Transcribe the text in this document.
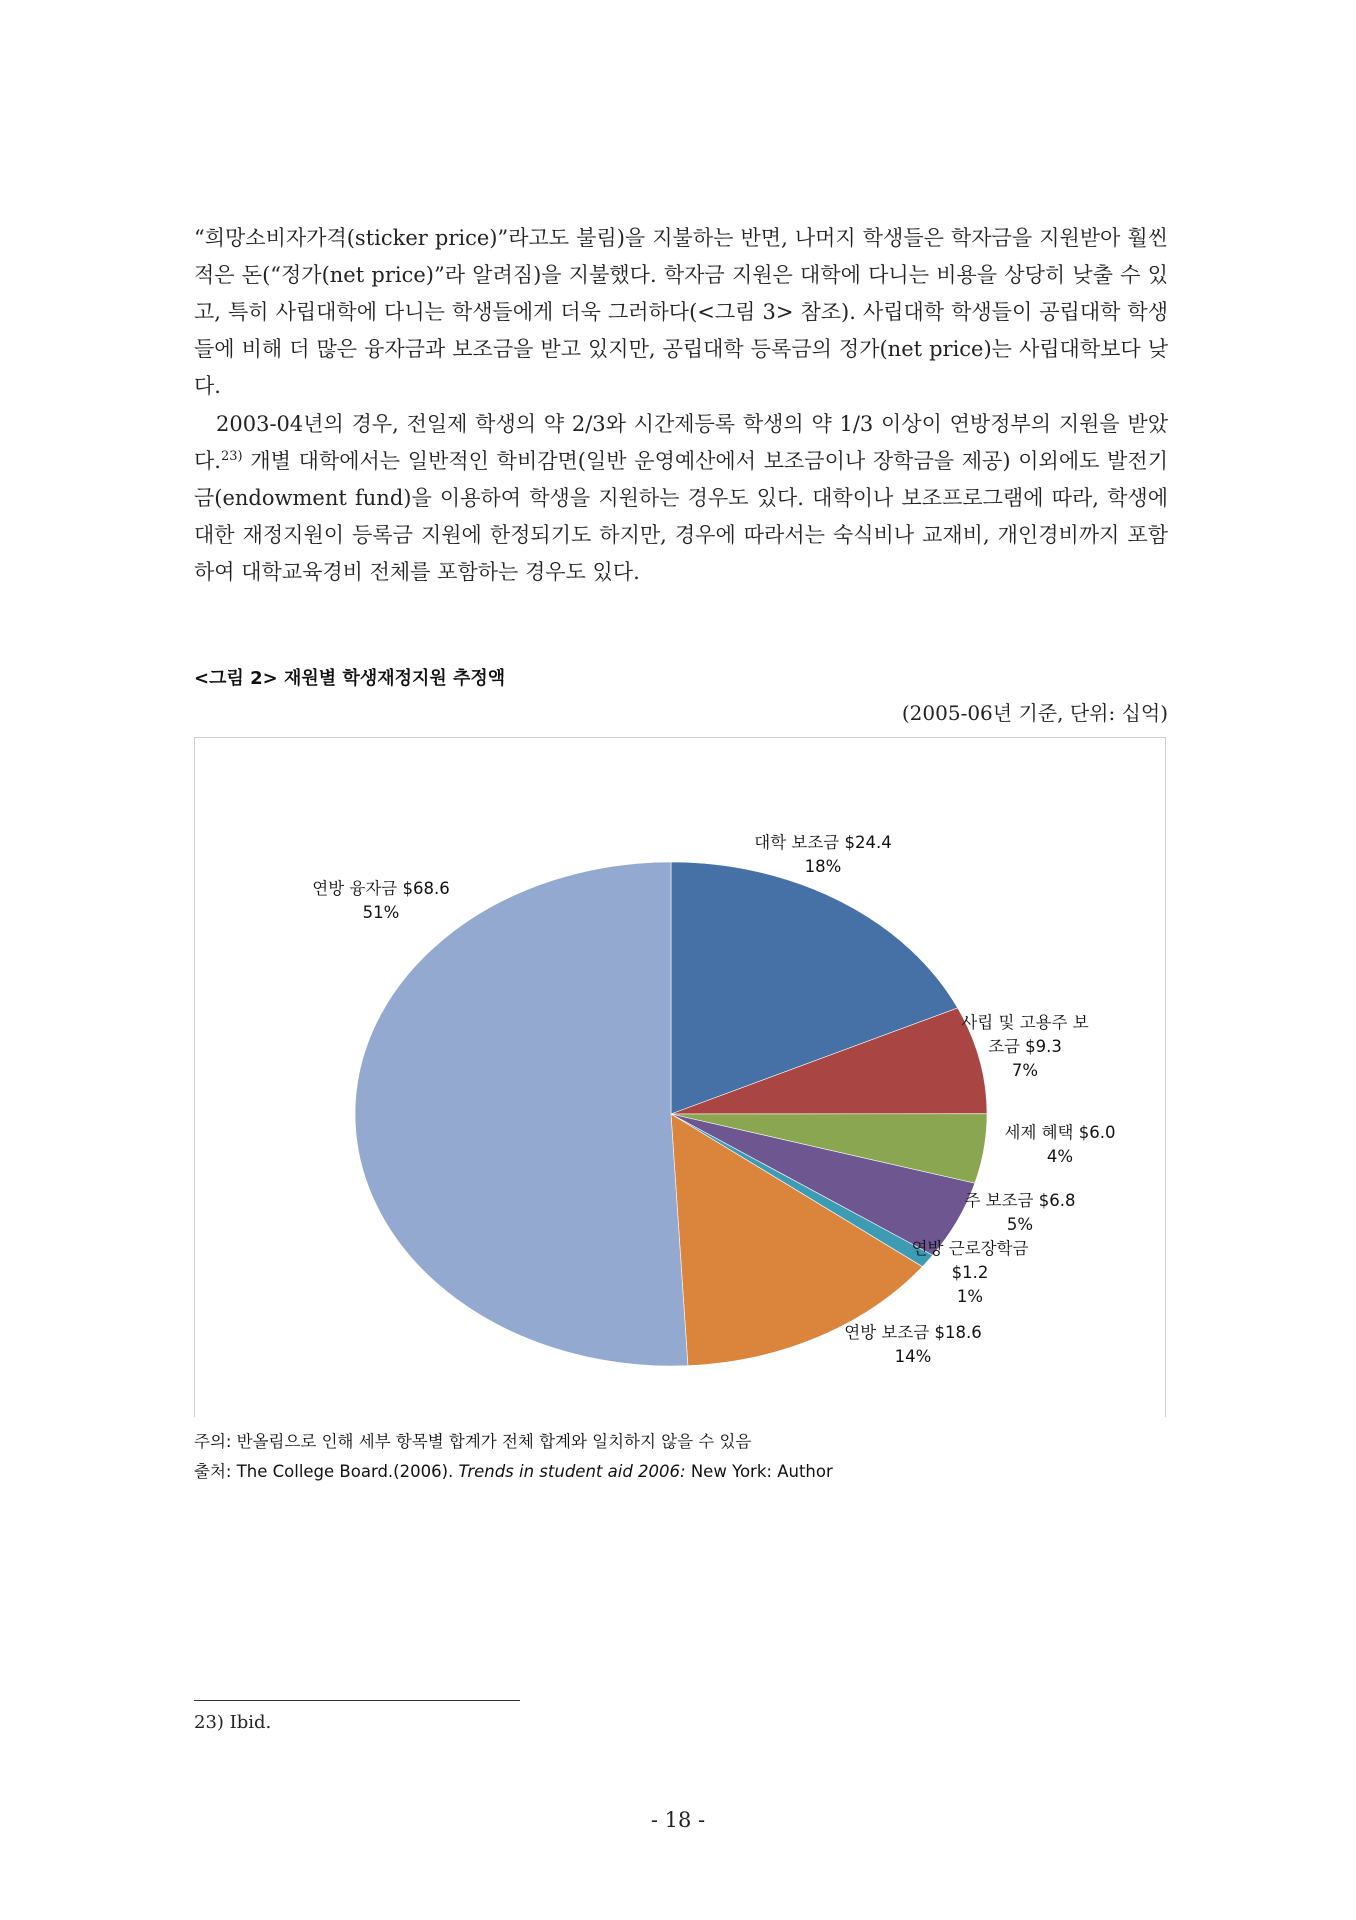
“희망소비자가격(sticker price)”라고도 불림)을 지불하는 반면, 나머지 학생들은 학자금을 지원받아 훨씬 적은 돈(“정가(net price)”라 알려짐)을 지불했다. 학자금 지원은 대학에 다니는 비용을 상당히 낮출 수 있고, 특히 사립대학에 다니는 학생들에게 더욱 그러하다(<그림 3> 참조). 사립대학 학생들이 공립대학 학생들에 비해 더 많은 융자금과 보조금을 받고 있지만, 공립대학 등록금의 정가(net price)는 사립대학보다 낮다.
2003-04년의 경우, 전일제 학생의 약 2/3와 시간제등록 학생의 약 1/3 이상이 연방정부의 지원을 받았다.$^{23)}$ 개별 대학에서는 일반적인 학비감면(일반 운영예산에서 보조금이나 장학금을 제공) 이외에도 발전기금(endowment fund)을 이용하여 학생을 지원하는 경우도 있다. 대학이나 보조프로그램에 따라, 학생에 대한 재정지원이 등록금 지원에 한정되기도 하지만, 경우에 따라서는 숙식비나 교재비, 개인경비까지 포함하여 대학교육경비 전체를 포함하는 경우도 있다.
<그림 2> 재원별 학생재정지원 추정액
(2005-06년 기준, 단위: 십억)
대학 보조금 $24.4 18%
사립 및 고용주 보 조금 $9.3 7%
세제 혜택 $6.0 4%
주 보조금 $6.8 5%
연방 근로장학금 $1.2 1%
연방 보조금 $18.6 14%
연방 융자금 $68.6 51%
주의: 반올림으로 인해 세부 항목별 합계가 전체 합계와 일치하지 않을 수 있음
출처: The College Board.(2006). Trends in student aid 2006: New York: Author
23) Ibid.
- 18 -
